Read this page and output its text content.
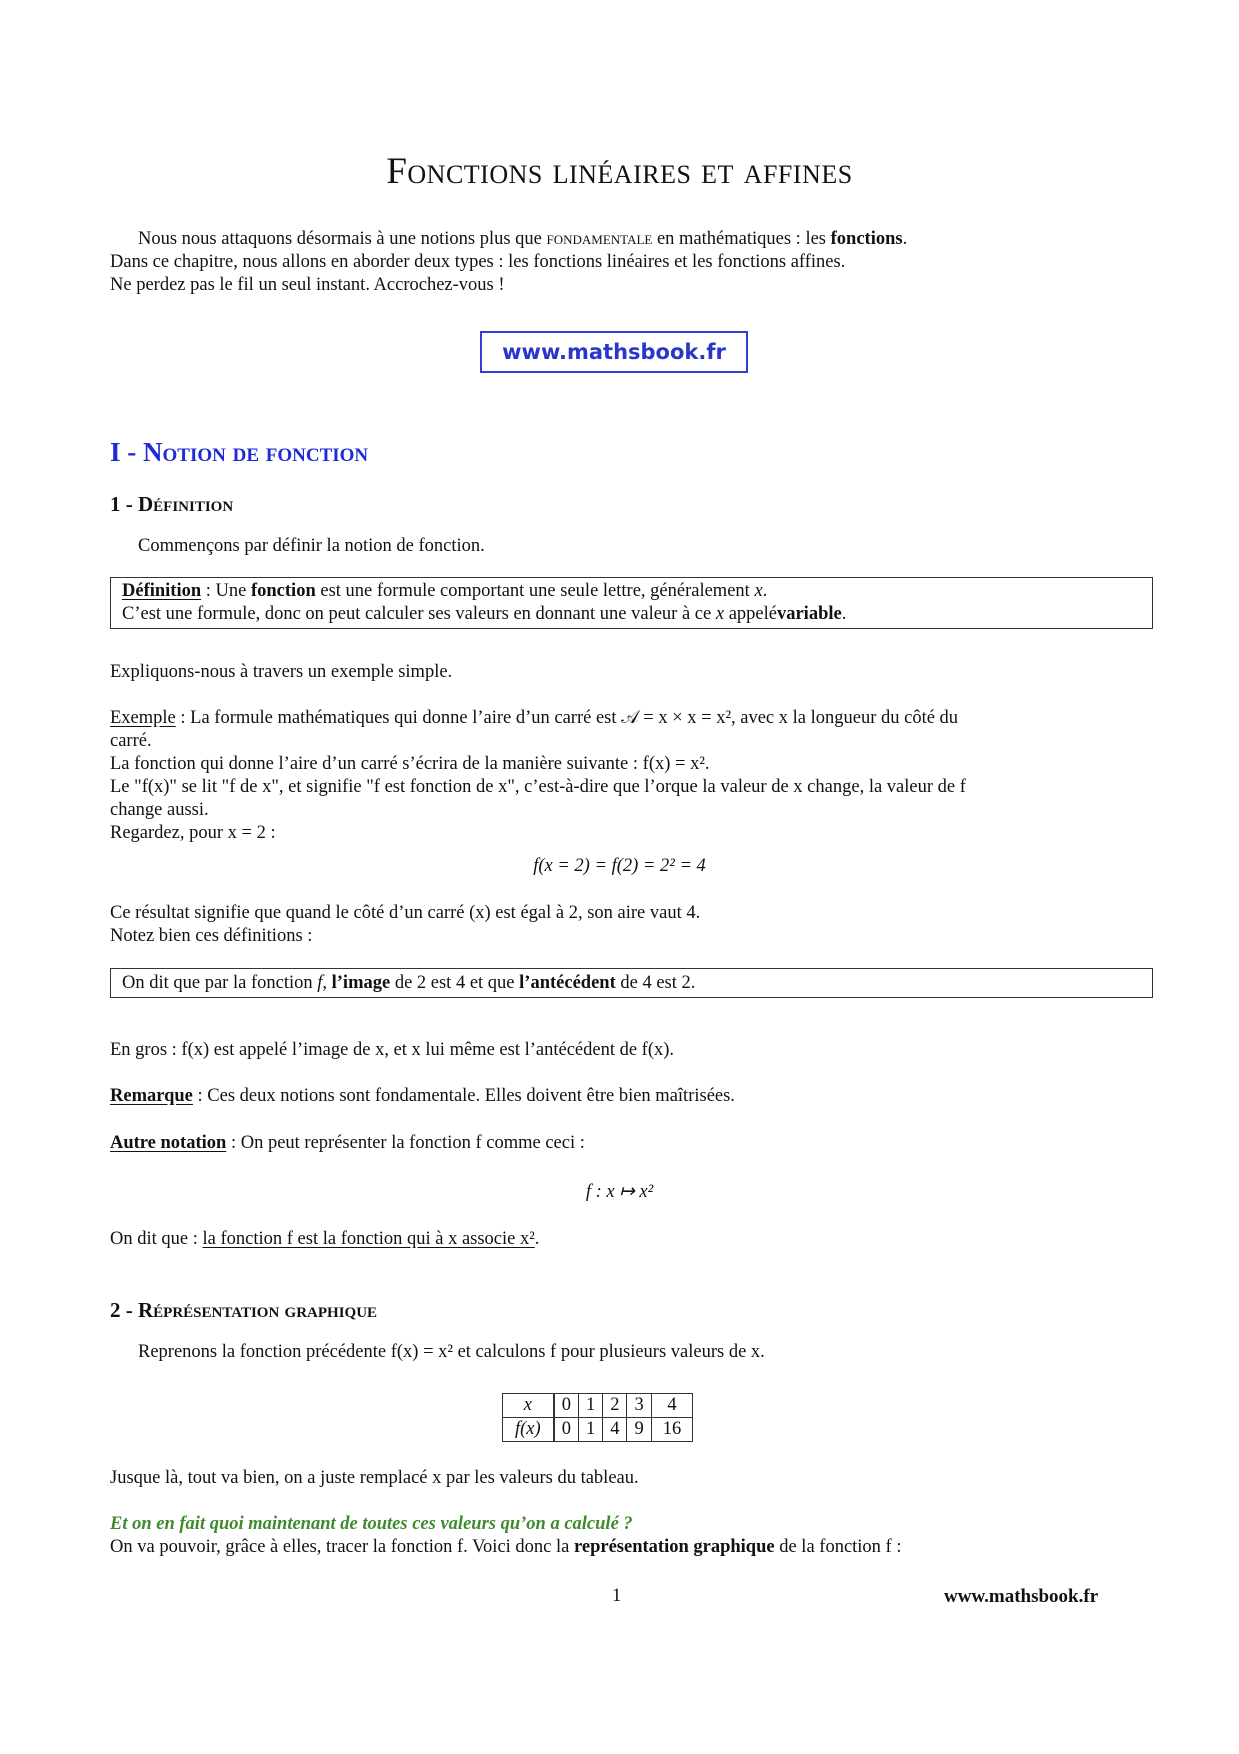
Fonctions linéaires et affines

Nous nous attaquons désormais à une notions plus que fondamentale en mathématiques : les fonctions.

Dans ce chapitre, nous allons en aborder deux types : les fonctions linéaires et les fonctions affines.

Ne perdez pas le fil un seul instant. Accrochez-vous !

www.mathsbook.fr
I - Notion de fonction
1 - Définition
Commençons par définir la notion de fonction.
Définition : Une fonction est une formule comportant une seule lettre, généralement x.
C’est une formule, donc on peut calculer ses valeurs en donnant une valeur à ce x appelévariable.
Expliquons-nous à travers un exemple simple.
Exemple : La formule mathématiques qui donne l’aire d’un carré est 𝒜 = x × x = x², avec x la longueur du côté du
carré.
La fonction qui donne l’aire d’un carré s’écrira de la manière suivante : f(x) = x².
Le "f(x)" se lit "f de x", et signifie "f est fonction de x", c’est-à-dire que l’orque la valeur de x change, la valeur de f
change aussi.
Regardez, pour x = 2 :
f(x = 2) = f(2) = 2² = 4
Ce résultat signifie que quand le côté d’un carré (x) est égal à 2, son aire vaut 4.
Notez bien ces définitions :
On dit que par la fonction f, l’image de 2 est 4 et que l’antécédent de 4 est 2.
En gros : f(x) est appelé l’image de x, et x lui même est l’antécédent de f(x).
Remarque : Ces deux notions sont fondamentale. Elles doivent être bien maîtrisées.
Autre notation : On peut représenter la fonction f comme ceci :
f : x ↦ x²
On dit que : la fonction f est la fonction qui à x associe x².
2 - Réprésentation graphique
Reprenons la fonction précédente f(x) = x² et calculons f pour plusieurs valeurs de x.
x	0	1	2	3	4
f(x)	0	1	4	9	16
Jusque là, tout va bien, on a juste remplacé x par les valeurs du tableau.
Et on en fait quoi maintenant de toutes ces valeurs qu’on a calculé ?
On va pouvoir, grâce à elles, tracer la fonction f. Voici donc la représentation graphique de la fonction f :
1	www.mathsbook.fr
